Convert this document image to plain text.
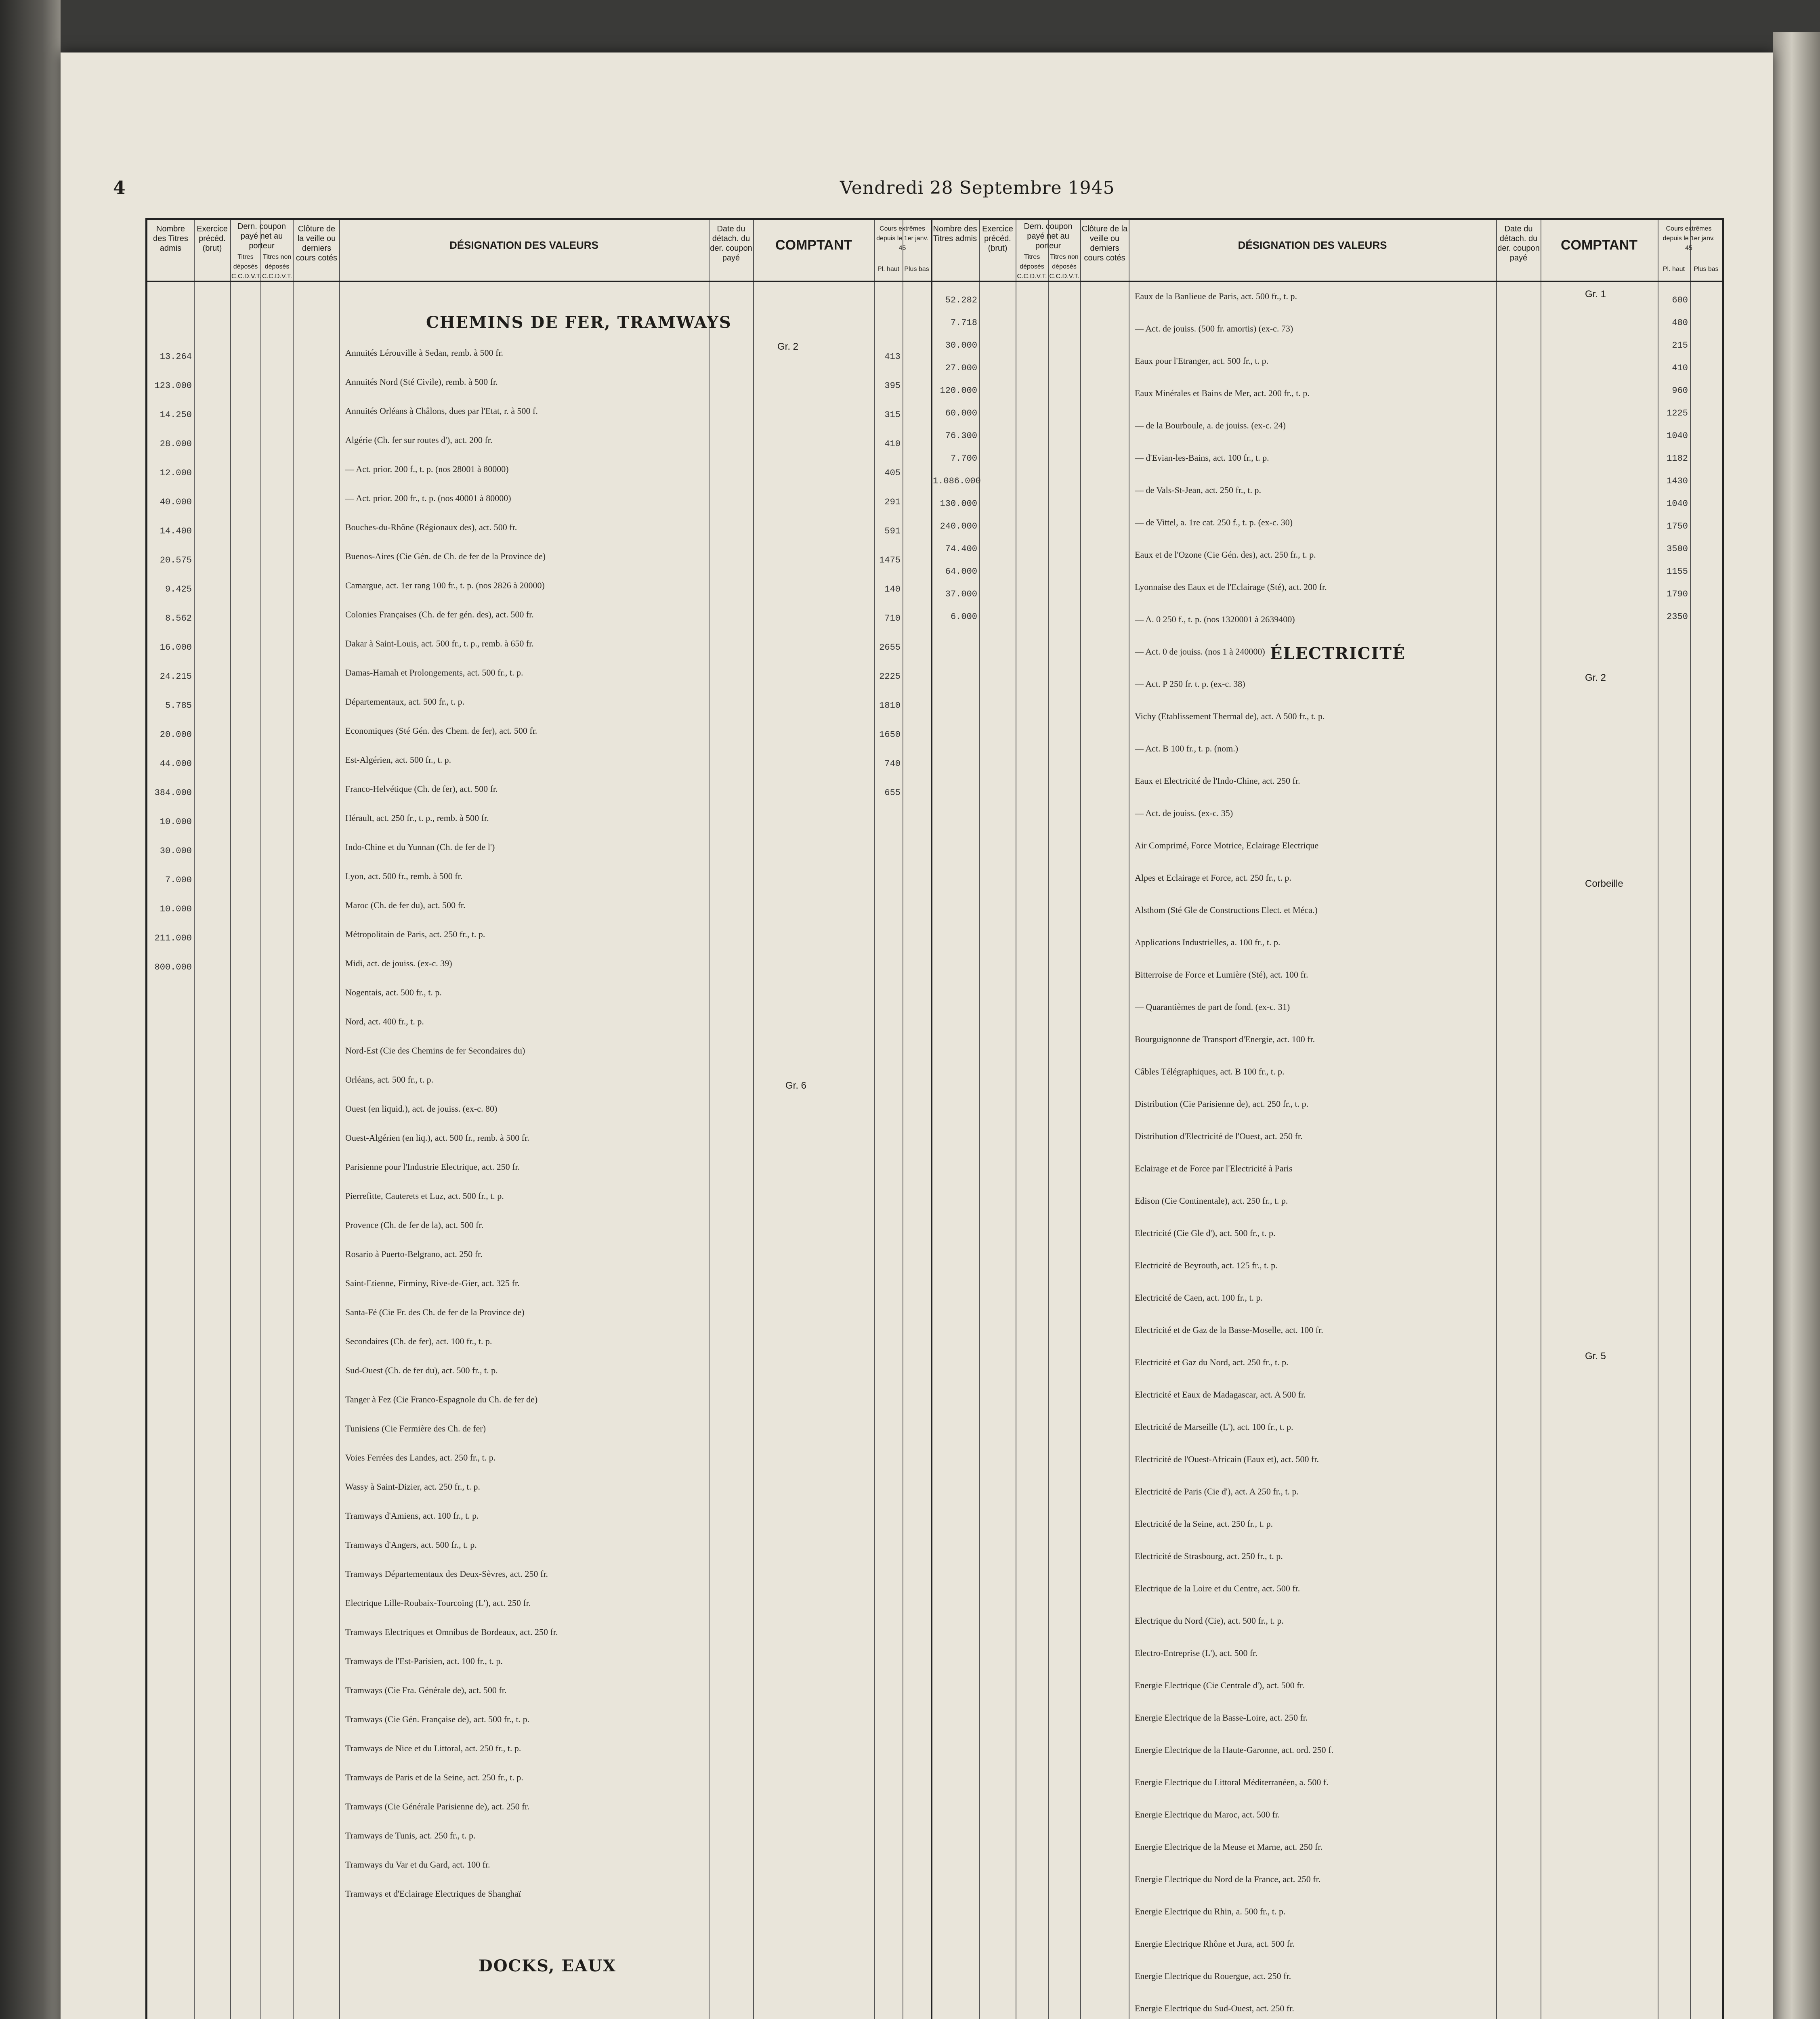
4	Vendredi 28 Septembre 1945
Nombre des Titres admis
Exercice précéd. (brut)
Dern. coupon payé net au porteur
Titres déposés C.C.D.V.T.
Titres non déposés C.C.D.V.T.
Clôture de la veille ou derniers cours cotés
DÉSIGNATION DES VALEURS
Date du détach. du der. coupon payé
COMPTANT
Cours extrêmes depuis le 1er janv. 45
Pl. haut Plus bas
Nombre des Titres admis
Exercice précéd. (brut)
Dern. coupon payé net au porteur
Titres déposés C.C.D.V.T.
Titres non déposés C.C.D.V.T.
Clôture de la veille ou derniers cours cotés
DÉSIGNATION DES VALEURS
Date du détach. du der. coupon payé
COMPTANT
Cours extrêmes depuis le 1er janv. 45
Pl. haut	Plus bas
CHEMINS DE FER, TRAMWAYS
DOCKS, EAUX
ÉLECTRICITÉ
Gr. 2
Gr. 6
Gr. 1
Gr. 2
Corbeille
Gr. 5
13.264
123.000
14.250
28.000
12.000
40.000
14.400
20.575
9.425
8.562
16.000
24.215
5.785
20.000
44.000
384.000
10.000
30.000
7.000
10.000
211.000
800.000
Annuités Lérouville à Sedan, remb. à 500 fr.
Annuités Nord (Sté Civile), remb. à 500 fr.
Annuités Orléans à Châlons, dues par l'Etat, r. à 500 f.
Algérie (Ch. fer sur routes d'), act. 200 fr.
— Act. prior. 200 f., t. p. (nos 28001 à 80000)
— Act. prior. 200 fr., t. p. (nos 40001 à 80000)
Bouches-du-Rhône (Régionaux des), act. 500 fr.
Buenos-Aires (Cie Gén. de Ch. de fer de la Province de)
Camargue, act. 1er rang 100 fr., t. p. (nos 2826 à 20000)
Colonies Françaises (Ch. de fer gén. des), act. 500 fr.
Dakar à Saint-Louis, act. 500 fr., t. p., remb. à 650 fr.
Damas-Hamah et Prolongements, act. 500 fr., t. p.
Départementaux, act. 500 fr., t. p.
Economiques (Sté Gén. des Chem. de fer), act. 500 fr.
Est-Algérien, act. 500 fr., t. p.
Franco-Helvétique (Ch. de fer), act. 500 fr.
Hérault, act. 250 fr., t. p., remb. à 500 fr.
Indo-Chine et du Yunnan (Ch. de fer de l')
Lyon, act. 500 fr., remb. à 500 fr.
Maroc (Ch. de fer du), act. 500 fr.
Métropolitain de Paris, act. 250 fr., t. p.
Midi, act. de jouiss. (ex-c. 39)
Nogentais, act. 500 fr., t. p.
Nord, act. 400 fr., t. p.
Nord-Est (Cie des Chemins de fer Secondaires du)
Orléans, act. 500 fr., t. p.
Ouest (en liquid.), act. de jouiss. (ex-c. 80)
Ouest-Algérien (en liq.), act. 500 fr., remb. à 500 fr.
Parisienne pour l'Industrie Electrique, act. 250 fr.
Pierrefitte, Cauterets et Luz, act. 500 fr., t. p.
Provence (Ch. de fer de la), act. 500 fr.
Rosario à Puerto-Belgrano, act. 250 fr.
Saint-Etienne, Firminy, Rive-de-Gier, act. 325 fr.
Santa-Fé (Cie Fr. des Ch. de fer de la Province de)
Secondaires (Ch. de fer), act. 100 fr., t. p.
Sud-Ouest (Ch. de fer du), act. 500 fr., t. p.
Tanger à Fez (Cie Franco-Espagnole du Ch. de fer de)
Tunisiens (Cie Fermière des Ch. de fer)
Voies Ferrées des Landes, act. 250 fr., t. p.
Wassy à Saint-Dizier, act. 250 fr., t. p.
Tramways d'Amiens, act. 100 fr., t. p.
Tramways d'Angers, act. 500 fr., t. p.
Tramways Départementaux des Deux-Sèvres, act. 250 fr.
Electrique Lille-Roubaix-Tourcoing (L'), act. 250 fr.
Tramways Electriques et Omnibus de Bordeaux, act. 250 fr.
Tramways de l'Est-Parisien, act. 100 fr., t. p.
Tramways (Cie Fra. Générale de), act. 500 fr.
Tramways (Cie Gén. Française de), act. 500 fr., t. p.
Tramways de Nice et du Littoral, act. 250 fr., t. p.
Tramways de Paris et de la Seine, act. 250 fr., t. p.
Tramways (Cie Générale Parisienne de), act. 250 fr.
Tramways de Tunis, act. 250 fr., t. p.
Tramways du Var et du Gard, act. 100 fr.
Tramways et d'Eclairage Electriques de Shanghaï
413
395
315
410
405
291
591
1475
140
710
2655
2225
1810
1650
740
655
52.282
7.718
30.000
27.000
120.000
60.000
76.300
7.700
1.086.000
130.000
240.000
74.400
64.000
37.000
6.000
Eaux de la Banlieue de Paris, act. 500 fr., t. p.
— Act. de jouiss. (500 fr. amortis) (ex-c. 73)
Eaux pour l'Etranger, act. 500 fr., t. p.
Eaux Minérales et Bains de Mer, act. 200 fr., t. p.
— de la Bourboule, a. de jouiss. (ex-c. 24)
— d'Evian-les-Bains, act. 100 fr., t. p.
— de Vals-St-Jean, act. 250 fr., t. p.
— de Vittel, a. 1re cat. 250 f., t. p. (ex-c. 30)
Eaux et de l'Ozone (Cie Gén. des), act. 250 fr., t. p.
Lyonnaise des Eaux et de l'Eclairage (Sté), act. 200 fr.
— A. 0 250 f., t. p. (nos 1320001 à 2639400)
— Act. 0 de jouiss. (nos 1 à 240000)
— Act. P 250 fr. t. p. (ex-c. 38)
Vichy (Etablissement Thermal de), act. A 500 fr., t. p.
— Act. B 100 fr., t. p. (nom.)
Eaux et Electricité de l'Indo-Chine, act. 250 fr.
— Act. de jouiss. (ex-c. 35)
Air Comprimé, Force Motrice, Eclairage Electrique
Alpes et Eclairage et Force, act. 250 fr., t. p.
Alsthom (Sté Gle de Constructions Elect. et Méca.)
Applications Industrielles, a. 100 fr., t. p.
Bitterroise de Force et Lumière (Sté), act. 100 fr.
— Quarantièmes de part de fond. (ex-c. 31)
Bourguignonne de Transport d'Energie, act. 100 fr.
Câbles Télégraphiques, act. B 100 fr., t. p.
Distribution (Cie Parisienne de), act. 250 fr., t. p.
Distribution d'Electricité de l'Ouest, act. 250 fr.
Eclairage et de Force par l'Electricité à Paris
Edison (Cie Continentale), act. 250 fr., t. p.
Electricité (Cie Gle d'), act. 500 fr., t. p.
Electricité de Beyrouth, act. 125 fr., t. p.
Electricité de Caen, act. 100 fr., t. p.
Electricité et de Gaz de la Basse-Moselle, act. 100 fr.
Electricité et Gaz du Nord, act. 250 fr., t. p.
Electricité et Eaux de Madagascar, act. A 500 fr.
Electricité de Marseille (L'), act. 100 fr., t. p.
Electricité de l'Ouest-Africain (Eaux et), act. 500 fr.
Electricité de Paris (Cie d'), act. A 250 fr., t. p.
Electricité de la Seine, act. 250 fr., t. p.
Electricité de Strasbourg, act. 250 fr., t. p.
Electrique de la Loire et du Centre, act. 500 fr.
Electrique du Nord (Cie), act. 500 fr., t. p.
Electro-Entreprise (L'), act. 500 fr.
Energie Electrique (Cie Centrale d'), act. 500 fr.
Energie Electrique de la Basse-Loire, act. 250 fr.
Energie Electrique de la Haute-Garonne, act. ord. 250 f.
Energie Electrique du Littoral Méditerranéen, a. 500 f.
Energie Electrique du Maroc, act. 500 fr.
Energie Electrique de la Meuse et Marne, act. 250 fr.
Energie Electrique du Nord de la France, act. 250 fr.
Energie Electrique du Rhin, a. 500 fr., t. p.
Energie Electrique Rhône et Jura, act. 500 fr.
Energie Electrique du Rouergue, act. 250 fr.
Energie Electrique du Sud-Ouest, act. 250 fr.
600
480
215
410
960
1225
1040
1182
1430
1040
1750
3500
1155
1790
2350
